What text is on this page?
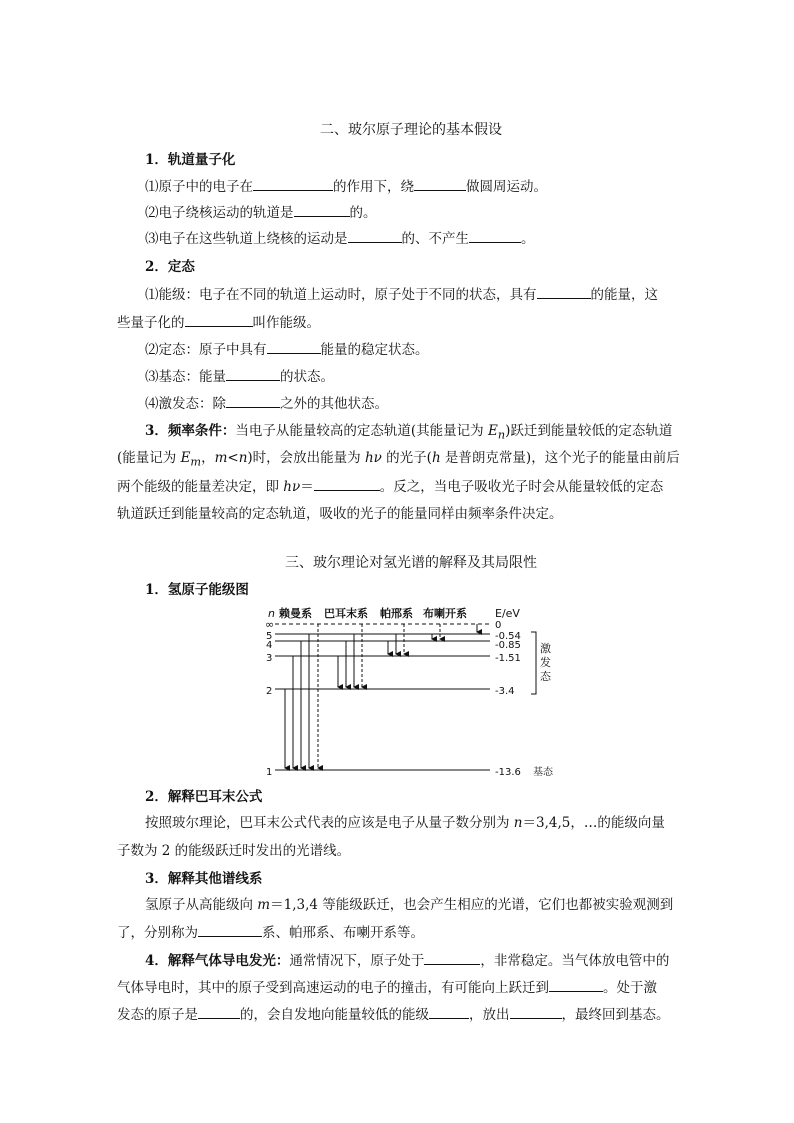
二、玻尔原子理论的基本假设
1．轨道量子化
⑴原子中的电子在	的作用下，绕	做圆周运动。
⑵电子绕核运动的轨道是	的。
⑶电子在这些轨道上绕核的运动是	的、不产生	。
2．定态
⑴能级：电子在不同的轨道上运动时，原子处于不同的状态，具有	的能量，这
些量子化的	叫作能级。
⑵定态：原子中具有	能量的稳定状态。
⑶基态：能量	的状态。
⑷激发态：除	之外的其他状态。
3．频率条件：当电子从能量较高的定态轨道(其能量记为 $E_n$)跃迁到能量较低的定态轨道
(能量记为 $E_m$，m<n)时，会放出能量为 hν 的光子(h 是普朗克常量)，这个光子的能量由前后
两个能级的能量差决定，即 hν＝	。反之，当电子吸收光子时会从能量较低的定态
轨道跃迁到能量较高的定态轨道，吸收的光子的能量同样由频率条件决定。
三、玻尔理论对氢光谱的解释及其局限性
1．氢原子能级图
n
∞
E/eV
赖曼系 巴耳末系 帕邢系 布喇开系
0
5
4
3
2
1
-0.54
-0.85
-1.51
-3.4
-13.6 基态
激
发
态
2．解释巴耳末公式
按照玻尔理论，巴耳末公式代表的应该是电子从量子数分别为 n＝3,4,5，…的能级向量
子数为 2 的能级跃迁时发出的光谱线。
3．解释其他谱线系
氢原子从高能级向 m＝1,3,4 等能级跃迁，也会产生相应的光谱，它们也都被实验观测到
了，分别称为	系、帕邢系、布喇开系等。
4．解释气体导电发光：通常情况下，原子处于	，非常稳定。当气体放电管中的
气体导电时，其中的原子受到高速运动的电子的撞击，有可能向上跃迁到	。处于激
发态的原子是	的，会自发地向能量较低的能级	，放出	，最终回到基态。
